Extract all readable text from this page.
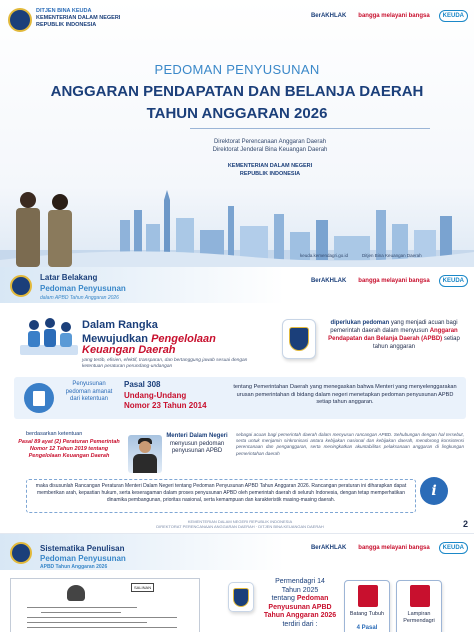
DITJEN BINA KEUDA
KEMENTERIAN DALAM NEGERI
REPUBLIK INDONESIA
BerAKHLAK	bangga melayani bangsa	KEUDA
PEDOMAN PENYUSUNAN
ANGGARAN PENDAPATAN DAN BELANJA DAERAH
TAHUN ANGGARAN 2026
Direktorat Perencanaan Anggaran Daerah
Direktorat Jenderal Bina Keuangan Daerah
KEMENTERIAN DALAM NEGERI
REPUBLIK INDONESIA
keuda.kemendagri.go.id	Ditjen Bina Keuangan Daerah
Latar Belakang
Pedoman Penyusunan
dalam APBD Tahun Anggaran 2026
BerAKHLAK	bangga melayani bangsa	KEUDA
Dalam Rangka
Mewujudkan Pengelolaan
Keuangan Daerah
yang tertib, efisien, efektif, transparan, dan bertanggung jawab sesuai dengan ketentuan peraturan perundang-undangan
diperlukan pedoman yang menjadi acuan bagi pemerintah daerah dalam menyusun Anggaran Pendapatan dan Belanja Daerah (APBD) setiap tahun anggaran
Penyusunan pedoman amanat dari ketentuan
Pasal 308
Undang-Undang
Nomor 23 Tahun 2014
tentang Pemerintahan Daerah yang menegaskan bahwa Menteri yang menyelenggarakan urusan pemerintahan di bidang dalam negeri menetapkan pedoman penyusunan APBD setiap tahun anggaran.
berdasarkan ketentuan
Pasal 89 ayat (2) Peraturan Pemerintah Nomor 12 Tahun 2019 tentang Pengelolaan Keuangan Daerah
Menteri Dalam Negeri menyusun pedoman penyusunan APBD
sebagai acuan bagi pemerintah daerah dalam menyusun rancangan APBD. Sehubungan dengan hal tersebut, serta untuk menjamin sinkronisasi antara kebijakan nasional dan kebijakan daerah, mendorong konsistensi perencanaan dan penganggaran, serta meningkatkan akuntabilitas pelaksanaan anggaran di lingkungan pemerintahan daerah
maka disusunlah Rancangan Peraturan Menteri Dalam Negeri tentang Pedoman Penyusunan APBD Tahun Anggaran 2026. Rancangan peraturan ini diharapkan dapat memberikan arah, kepastian hukum, serta keseragaman dalam proses penyusunan APBD oleh pemerintah daerah di seluruh Indonesia, dengan tetap memperhatikan dinamika pembangunan, prioritas nasional, serta kemampuan dan karakteristik masing-masing daerah.
i
KEMENTERIAN DALAM NEGERI REPUBLIK INDONESIA
DIREKTORAT PERENCANAAN ANGGARAN DAERAH · DITJEN BINA KEUANGAN DAERAH	2
Sistematika Penulisan
Pedoman Penyusunan
APBD Tahun Anggaran 2026
BerAKHLAK	bangga melayani bangsa	KEUDA
SALINAN
Permendagri 14
Tahun 2025
tentang Pedoman Penyusunan APBD Tahun Anggaran 2026 terdiri dari :
Batang Tubuh
4 Pasal
Lampiran Permendagri
